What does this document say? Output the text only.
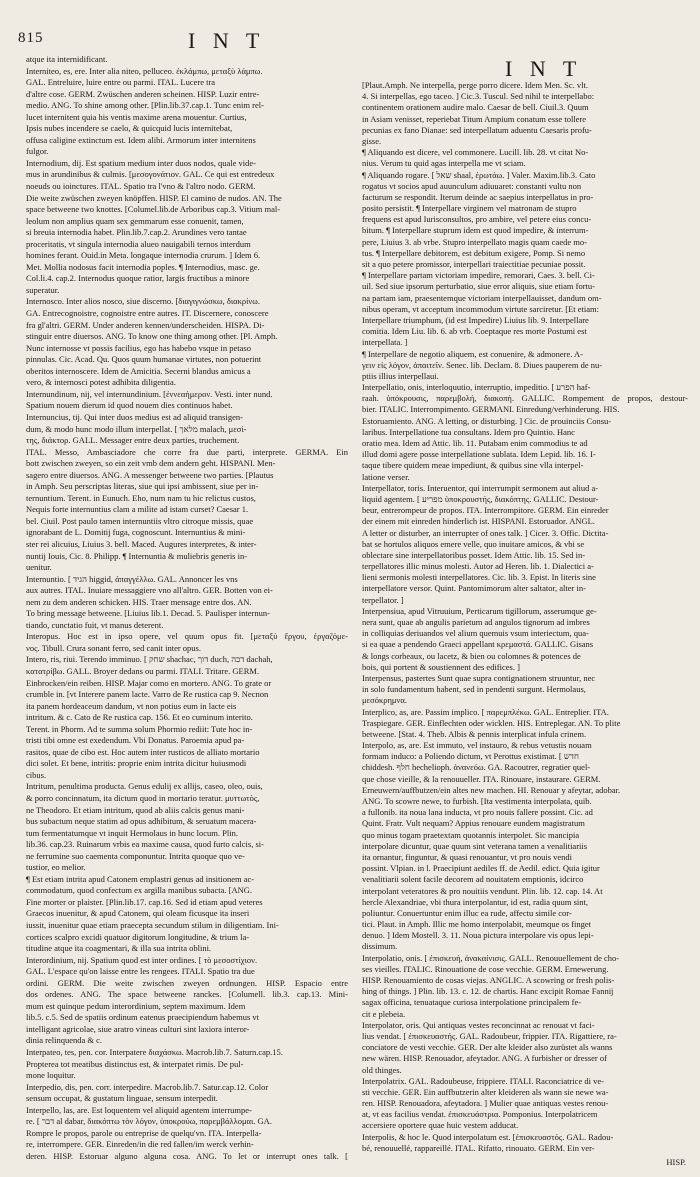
815	I N T
I N T
atque ita internidificant.
Interniteo, es, ere. Inter alia niteo, pelluceo. ἐκλάμπω, μεταξὺ λάμπω.
GAL. Entreluire, luire entre ou parmi. ITAL. Lucere tra
d'altre cose. GERM. Zwüschen anderen scheinen. HISP. Luzir entre-
medio. ANG. To shine among other. [Plin.lib.37.cap.1. Tunc enim rel-
lucet internitent quia his ventis maxime arena mouentur. Curtius,
Ipsis nubes incendere se caelo, & quicquid lucis internitebat,
offusa caligine extinctum est. Idem alibi. Armorum inter internitens
fulgor.
Internodium, dij. Est spatium medium inter duos nodos, quale vide-
mus in arundinibus & culmis. [μεσογονάτιον. GAL. Ce qui est entredeux
noeuds ou ioinctures. ITAL. Spatio tra l'vno & l'altro nodo. GERM.
Die weite zwüschen zweyen knöpffen. HISP. El camino de nudos. AN. The
space betweene two knottes. [Columel.lib.de Arboribus cap.3. Vitium mal-
leolum non amplius quam sex gemmarum esse conuenit, tamen,
si breuia internodia habet. Plin.lib.7.cap.2. Arundines vero tantae
proceritatis, vt singula internodia alueo nauigabili ternos interdum
homines ferant. Ouid.in Meta. longaque internodia crurum. ] Idem 6.
Met. Mollia nodosus facit internodia poples. ¶ Internodius, masc. ge.
Col.li.4. cap.2. Internodus quoque ratior, largis fructibus a minore
superatur.
Internosco. Inter alios nosco, siue discerno. [διαγιγνώσκω, διακρίνω.
GA. Entrecognoistre, cognoistre entre autres. IT. Discernere, conoscere
fra gl'altri. GERM. Under anderen kennen/underscheiden. HISPA. Di-
stinguir entre diuersos. ANG. To know one thing among other. [Pl. Amph.
Nunc internosse vt possis facilius, ego has habebo vsque in petaso
pinnulas. Cic. Acad. Qu. Quos quum humanae virtutes, non potuerint
oberitos internoscere. Idem de Amicitia. Secerni blandus amicus a
vero, & internosci potest adhibita diligentia.
Internundinum, nij, vel internundinium. [ἐννεαήμερον. Vesti. inter nund.
Spatium nouem dierum id quod nouem dies continuos habet.
Internuncius, tij. Qui inter duos medius est ad aliquid transigen-
dum, & modo hunc modo illum interpellat. [ מלאך malach, μεσί-
της, διάκτορ. GALL. Messager entre deux parties, truchement.
ITAL. Messo, Ambasciadore che corre fra due parti, interprete. GERMA. Ein
bott zwischen zweyen, so ein zeit vmb dem andern geht. HISPANI. Men-
sagero entre diuersos. ANG. A messenger betweene two parties. [Plautus
in Amph. Seu perscriptas literas, siue qui ipsi ambissent, siue per in-
ternuntium. Terent. in Eunuch. Eho, num nam tu hic relictus custos,
Nequis forte internuntius clam a milite ad istam curset? Caesar 1.
bel. Ciuil. Post paulo tamen internuntiis vltro citroque missis, quae
ignorabant de L. Domitij fuga, cognoscunt. Internuntius & mini-
ster rei alicuius, Liuius 3. bell. Maced. Augures interpretes, & inter-
nuntij Iouis, Cic. 8. Philipp. ¶ Internuntia & muliebris generis in-
uenitur.
Internuntio. [ הגיד higgid, ἀπαγγέλλω. GAL. Annoncer les vns
aux autres. ITAL. Inuiare messaggiere vno all'altro. GER. Botten von ei-
nem zu dem anderen schicken. HIS. Traer mensage entre dos. AN.
To bring message betweene. [Liuius lib.1. Decad. 5. Paulisper internun-
tiando, cunctatio fuit, vt manus deterent.
Interopus. Hoc est in ipso opere, vel quum opus fit. [μεταξὺ ἔργου, ἐργαζόμε-
νος. Tibull. Crura sonant ferro, sed canit inter opus.
Intero, ris, riui. Terendo imminuo. [ שחק shachac, דוך duch, דכה dachah,
κατατρίβω. GALL. Broyer dedans ou parmi. ITALI. Tritare. GERM.
Einbrocken/ein reiben. HISP. Majar como en mortero. ANG. To grate or
crumble in. [vt Interere panem lacte. Varro de Re rustica cap 9. Necnon
ita panem hordeaceum dandum, vt non potius eum in lacte eis
intritum. & c. Cato de Re rustica cap. 156. Et eo cuminum interito.
Terent. in Phorm. Ad te summa solum Phormio rediit: Tute hoc in-
tristi tibi omne est exedendum. Vbi Donatus. Paroemia apud pa-
rasitos, quae de cibo est. Hoc autem inter rusticos de alliato mortario
dici solet. Et bene, intritis: proprie enim intrita dicitur huiusmodi
cibus.
Intritum, penultima producta. Genus edulij ex allijs, caseo, oleo, ouis,
& porro concinnatum, ita dictum quod in mortario teratur. μυττωτὸς,
ne Theodoro. Et etiam intritum, quod ab aliis calcis genus mani-
bus subactum neque statim ad opus adhibitum, & seruatum macera-
tum fermentatumque vt inquit Hermolaus in hunc locum. Plin.
lib.36. cap.23. Ruinarum vrbis ea maxime causa, quod furto calcis, si-
ne ferrumine suo caementa componuntur. Intrita quoque quo ve-
tustior, eo melior.
¶ Est etiam intrita apud Catonem emplastri genus ad insitionem ac-
commodatum, quod confectum ex argilla manibus subacta. [ANG.
Fine morter or plaister. [Plin.lib.17. cap.16. Sed id etiam apud veteres
Graecos inuenitur, & apud Catonem, qui oleam ficusque ita inseri
iussit, inuenitur quae etiam praecepta secundum stilum in diligentiam. Ini-
cortices scalpro excidi quatuor digitorum longitudine, & trium la-
titudine atque ita coagmentari, & illa sua intrita oblini.
Interordinium, nij. Spatium quod est inter ordines. [ τὸ μεσοστίχιον.
GAL. L'espace qu'on laisse entre les rengees. ITALI. Spatio tra due
ordini. GERM. Die weite zwischen zweyen ordnungen. HISP. Espacio entre
dos ordenes. ANG. The space betweene ranckes. [Columell. lib.3. cap.13. Mini-
mum est quinque pedum interordinium, septem maximum. Idem
lib.5. c.5. Sed de spatiis ordinum eatenus praecipiendum habemus vt
intelligant agricolae, siue aratro vineas culturi sint laxiora interor-
dinia relinquenda & c.
Interpateo, tes, pen. cor. Interpatere διαχάσκω. Macrob.lib.7. Saturn.cap.15.
Propterea tot meatibus distinctus est, & interpatet rimis. De pul-
mone loquitur.
Interpedio, dis, pen. corr. interpedire. Macrob.lib.7. Satur.cap.12. Color
sensum occupat, & gustatum linguae, sensum interpedit.
Interpello, las, are. Est loquentem vel aliquid agentem interrumpe-
re. [ דבר al dabar, διακόπτω τὸν λόγον, ὑποκρούω, παρεμβάλλομαι. GA.
Rompre le propos, parole ou entreprise de quelqu'vn. ITA. Interpella-
re, interrompere. GER. Einreden/in die red fallen/im werck verhin-
deren. HISP. Estoruar alguno alguna cosa. ANG. To let or interrupt ones talk. [
[Plaut.Amph. Ne interpella, perge porro dicere. Idem Men. Sc. vlt.
4. Si interpellas, ego taceo. ] Cic.3. Tuscul. Sed nihil te interpellabo:
continentem orationem audire malo. Caesar de bell. Ciuil.3. Quum
in Asiam venisset, reperiebat Titum Ampium conatum esse tollere
pecunias ex fano Dianae: sed interpellatum aduentu Caesaris profu-
gisse.
¶ Aliquando est dicere, vel commonere. Lucill. lib. 28. vt citat No-
nius. Verum tu quid agas interpella me vt sciam.
¶ Aliquando rogare. [ שאל shaal, ἐρωτάω. ] Valer. Maxim.lib.3. Cato
rogatus vt socios apud auunculum adiuuaret: constanti vultu non
facturum se respondit. Iterum deinde ac saepius interpellatus in pro-
posito persistit. ¶ Interpellare virginem vel matronam de stupro
frequens est apud Iurisconsultos, pro ambire, vel petere eius concu-
bitum. ¶ Interpellare stuprum idem est quod impedire, & interrum-
pere, Liuius 3. ab vrbe. Stupro interpellato magis quam caede mo-
tus. ¶ Interpellare debitorem, est debitum exigere, Pomp. Si nemo
sit a quo petere promissor, interpellari traiectitiae pecuniae possit.
¶ Interpellare partam victoriam impedire, remorari, Caes. 3. bell. Ci-
uil. Sed siue ipsorum perturbatio, siue error aliquis, siue etiam fortu-
na partam iam, praesentemque victoriam interpellauisset, dandum om-
nibus operam, vt acceptum incommodum virtute sarciretur. [Et etiam:
Interpellare triumphum, (id est Impedire) Liuius lib. 9. Interpellare
comitia. Idem Liu. lib. 6. ab vrb. Coeptaque res morte Postumi est
interpellata. ]
¶ Interpellare de negotio aliquem, est conuenire, & admonere. A-
γειν εἰς λόγον, ἀπαιτεῖν. Senec. lib. Declam. 8. Diues pauperem de nu-
ptiis illius interpellaui.
Interpellatio, onis, interloquutio, interruptio, impeditio. [ הפרע haf-
raah. ὑπόκρουσις, παρεμβολή, διακοπή. GALLIC. Rompement de propos, destour-
bier. ITALIC. Interrompimento. GERMANI. Einredung/verhinderung. HIS.
Estoruamiento. ANG. A letting, or disturbing. ] Cic. de prouinciis Consu-
laribus. Interpellatione tua consultans. Idem pro Quintio. Hanc
oratio mea. Idem ad Attic. lib. 11. Putabam enim commodius te ad
illud domi agere posse interpellatione sublata. Idem Lepid. lib. 16. I-
taque tibere quidem meae impediunt, & quibus sine vlla interpel-
latione verser.
Interpellator, toris. Interuentor, qui interrumpit sermonem aut aliud a-
liquid agentem. [ מפריע ὑποκρουστής, διακόπτης. GALLIC. Destour-
beur, entrerompeur de propos. ITA. Interrompitore. GERM. Ein einreder
der einem mit einreden hinderlich ist. HISPANI. Estoruador. ANGL.
A letter or disturber, an interrupter of ones talk. ] Cicer. 3. Offic. Dictita-
bat se hortulos aliquos emere velle, quo inuitare amicos, & vbi se
oblectare sine interpellatoribus posset. Idem Attic. lib. 15. Sed in-
terpellatores illic minus molesti. Autor ad Heren. lib. 1. Dialectici a-
lieni sermonis molesti interpellatores. Cic. lib. 3. Epist. In literis sine
interpellatore versor. Quint. Pantomimorum alter saltator, alter in-
terpellator. ]
Interpensiua, apud Vitruuium, Perticarum tigillorum, asserumque ge-
nera sunt, quae ab angulis parietum ad angulos tignorum ad imbres
in colliquias deriuandos vel alium quemuis vsum interiectum, qua-
si ea quae a pendendo Graeci appellant κρεμαστά. GALLIC. Gisans
& longs corbeaux, ou lacetz, & bien ou colomnes & potences de
bois, qui portent & soustiennent des edifices. ]
Interpensus, pastertes Sunt quae supra contignationem struuntur, nec
in solo fundamentum habent, sed in pendenti surgunt. Hermolaus,
μεσόκρημνα.
Interplico, as, are. Passim implico. [ παρεμπλέκω. GAL. Entreplier. ITA.
Traspiegare. GER. Einflechten oder wicklen. HIS. Entreplegar. AN. To plite
betweene. [Stat. 4. Theb. Albis & pennis interplicat infula crinem.
Interpolo, as, are. Est immuto, vel instauro, & rebus vetustis nouam
formam induco: a Poliendo dictum, vt Perottus existimat. [ חדש
chiddesh. חלף hechelioph. ἀνανεόω. GA. Racoutrer, regratier quel-
que chose vieille, & la renouueller. ITA. Rinouare, instaurare. GERM.
Erneuwern/auffbutzen/ein altes new machen. HI. Renouar y afeytar, adobar.
ANG. To scowre newe, to furbish. [Ita vestimenta interpolata, quib.
a fullonib. ita noua lana inducta, vt pro nouis fallere possint. Cic. ad
Quint. Fratr. Vult nequam? Appius renouare eundem magistratum
quo minus togam praetextam quotannis interpolet. Sic mancipia
interpolare dicuntur, quae quum sint veterana tamen a venalitiariis
ita ornantur, finguntur, & quasi renouantur, vt pro nouis vendi
possint. Vlpian. in l. Praecipiunt aediles ff. de Aedil. edict. Quia igitur
venalitiarii solent facile decorem ad nouitatem emptionis, idcirco
interpolant veteratores & pro nouitiis vendunt. Plin. lib. 12. cap. 14. At
hercle Alexandriae, vbi thura interpolantur, id est, radia quum sint,
poliuntur. Conuertuntur enim illuc ea rude, affectu simile cor-
tici. Plaut. in Amph. Illic me homo interpolabit, meumque os finget
denuo. ] Idem Mostell. 3. 11. Noua pictura interpolare vis opus lepi-
dissimum.
Interpolatio, onis. [ ἐπισκευή, ἀνακαίνισις. GALL. Renouuellement de cho-
ses vieilles. ITALIC. Rinouatione de cose vecchie. GERM. Ernewerung.
HISP. Renouamiento de cosas viejas. ANGLIC. A scowring or fresh polis-
hing of things. ] Plin. lib. 13. c. 12. de chartis. Hanc excipit Romae Fannij
sagax officina, tenuataque curiosa interpolatione principalem fe-
cit e plebeia.
Interpolator, oris. Qui antiquas vestes reconcinnat ac renouat vt faci-
lius vendat. [ ἐπισκευαστής. GAL. Radoubeur, frippier. ITA. Rigattiere, ra-
conciatore de vesti vecchie. GER. Der alte kleider also zurüstet als wanns
new wären. HISP. Renouador, afeytador. ANG. A furbisher or dresser of
old thinges.
Interpolatrix. GAL. Radoubeuse, frippiere. ITALI. Raconciatrice di ve-
sti vecchie. GER. Ein auffbutzerin alter kleideren als wann sie newe wa-
ren. HISP. Renouadora, afeytadora. ] Mulier quae antiquas vestes renou-
at, vt eas facilius vendat. ἐπισκευάστρια. Pomponius. Interpolatricem
accersiere oportere quae huic vestem adducat.
Interpolis, & hoc le. Quod interpolatum est. [ἐπισκευαστός. GAL. Radou-
bé, renouuellé, rappareillé. ITAL. Rifatto, rinouato. GERM. Ein ver-
HISP.
